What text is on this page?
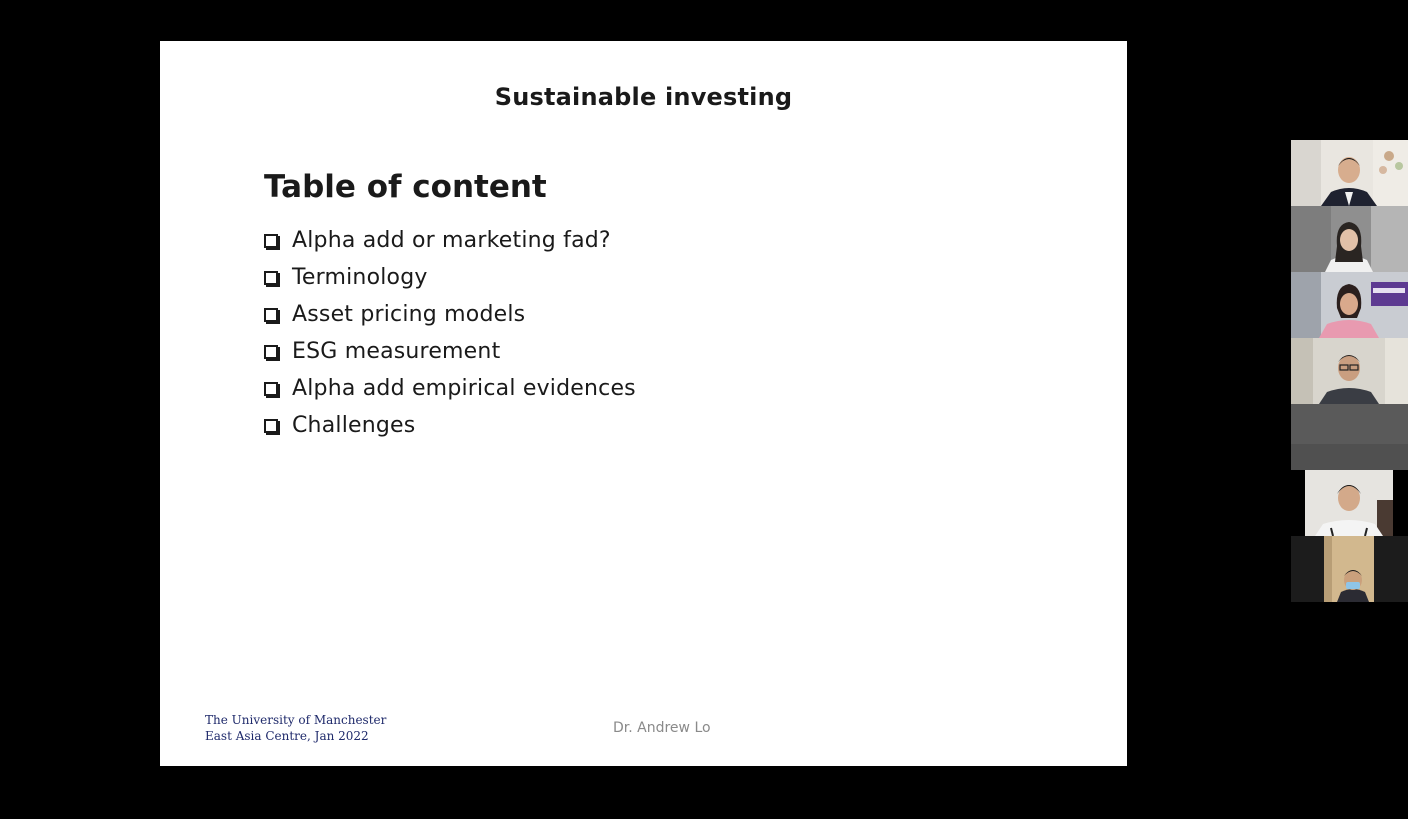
Sustainable investing
Table of content
Alpha add or marketing fad?
Terminology
Asset pricing models
ESG measurement
Alpha add empirical evidences
Challenges
The University of Manchester
East Asia Centre, Jan 2022	Dr. Andrew Lo
